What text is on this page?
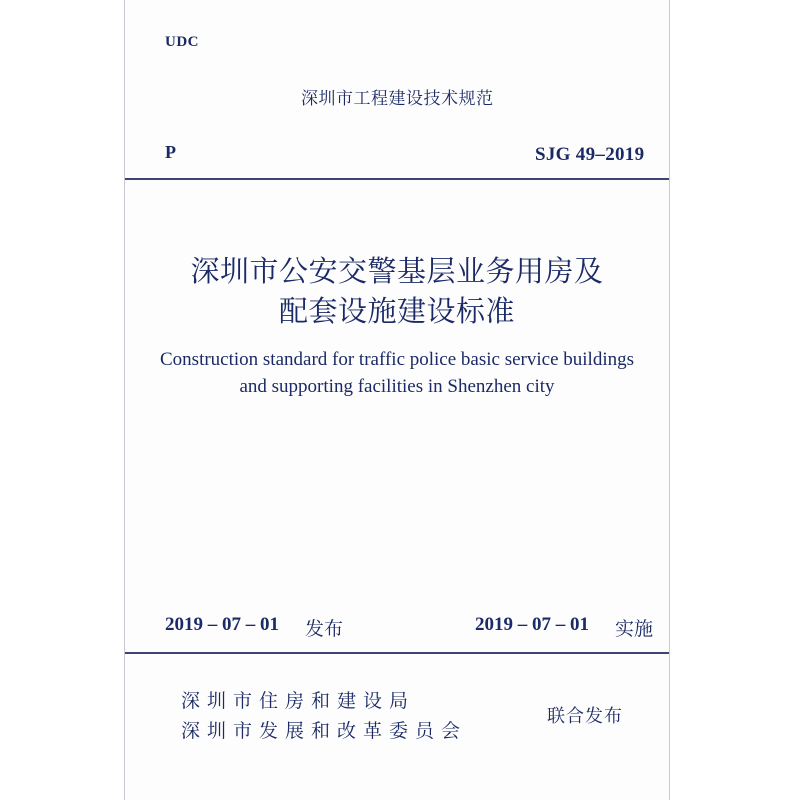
UDC
深圳市工程建设技术规范
P	SJG 49–2019
深圳市公安交警基层业务用房及
配套设施建设标准
Construction standard for traffic police basic service buildings
and supporting facilities in Shenzhen city
2019 – 07 – 01 发布	2019 – 07 – 01 实施
深圳市住房和建设局
深圳市发展和改革委员会
联合发布
